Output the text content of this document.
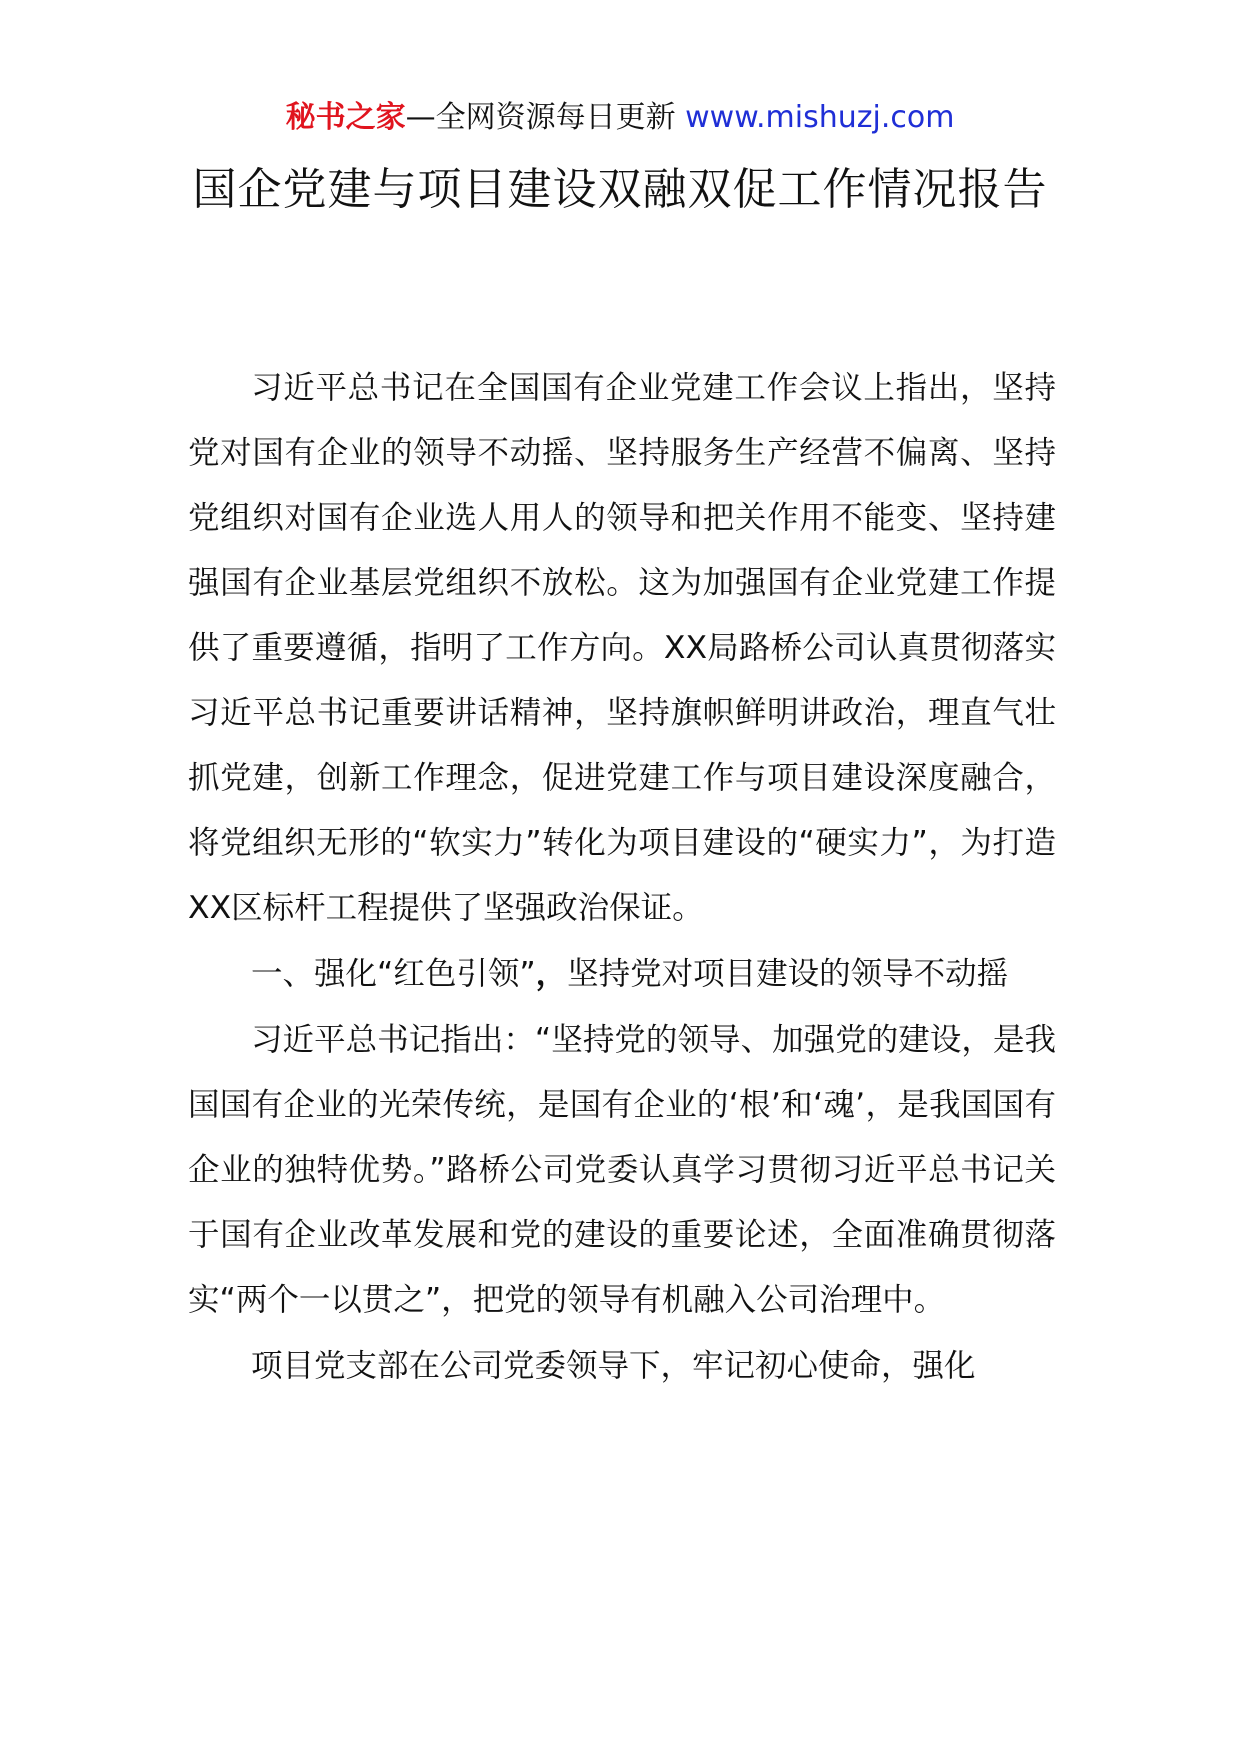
秘书之家—全网资源每日更新 www.mishuzj.com
国企党建与项目建设双融双促工作情况报告

习近平总书记在全国国有企业党建工作会议上指出，坚持党对国有企业的领导不动摇、坚持服务生产经营不偏离、坚持党组织对国有企业选人用人的领导和把关作用不能变、坚持建强国有企业基层党组织不放松。这为加强国有企业党建工作提供了重要遵循，指明了工作方向。XX局路桥公司认真贯彻落实习近平总书记重要讲话精神，坚持旗帜鲜明讲政治，理直气壮抓党建，创新工作理念，促进党建工作与项目建设深度融合，将党组织无形的“软实力”转化为项目建设的“硬实力”，为打造XX区标杆工程提供了坚强政治保证。

一、强化“红色引领”，坚持党对项目建设的领导不动摇

习近平总书记指出：“坚持党的领导、加强党的建设，是我国国有企业的光荣传统，是国有企业的‘根’和‘魂’，是我国国有企业的独特优势。”路桥公司党委认真学习贯彻习近平总书记关于国有企业改革发展和党的建设的重要论述，全面准确贯彻落实“两个一以贯之”，把党的领导有机融入公司治理中。

项目党支部在公司党委领导下，牢记初心使命，强化
